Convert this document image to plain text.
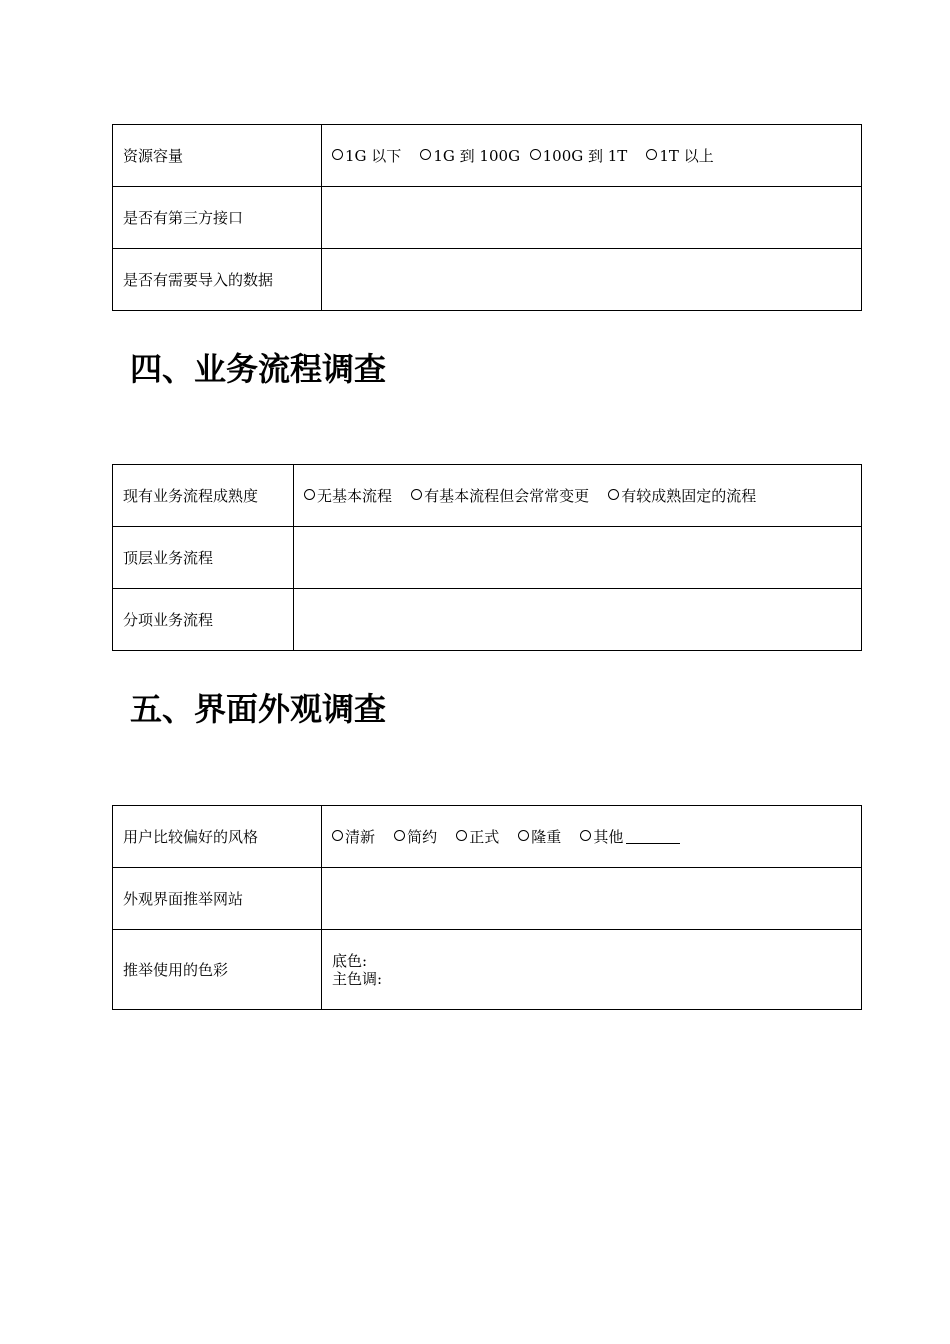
资源容量	1G 以下 1G 到 100G 100G 到 1T 1T 以上
是否有第三方接口	
是否有需要导入的数据	
四、业务流程调查
现有业务流程成熟度	无基本流程 有基本流程但会常常变更 有较成熟固定的流程
顶层业务流程	
分项业务流程	
五、界面外观调查
用户比较偏好的风格	清新 简约 正式 隆重 其他
外观界面推举网站	
推举使用的色彩	底色:
主色调:
